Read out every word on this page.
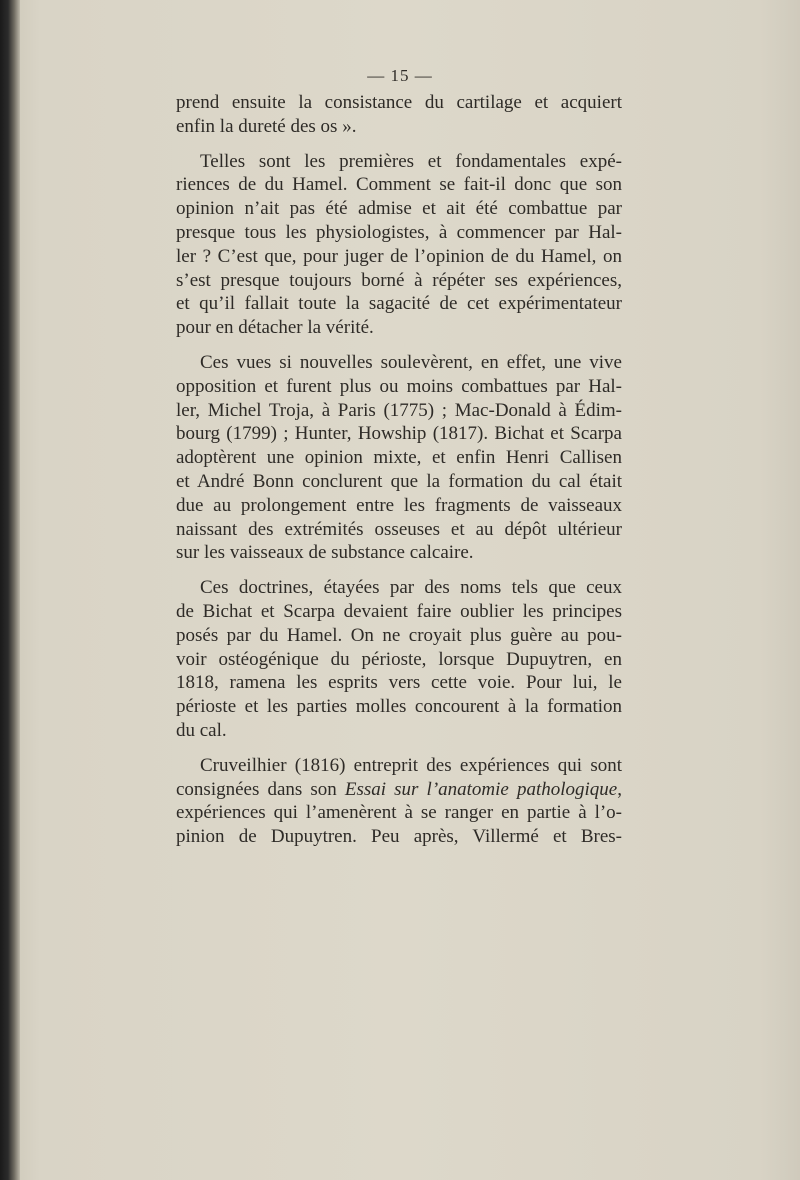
— 15 —
prend ensuite la consistance du cartilage et acquiert
enfin la dureté des os ».
Telles sont les premières et fondamentales expé-
riences de du Hamel. Comment se fait-il donc que son
opinion n’ait pas été admise et ait été combattue par
presque tous les physiologistes, à commencer par Hal-
ler ? C’est que, pour juger de l’opinion de du Hamel, on
s’est presque toujours borné à répéter ses expériences,
et qu’il fallait toute la sagacité de cet expérimentateur
pour en détacher la vérité.
Ces vues si nouvelles soulevèrent, en effet, une vive
opposition et furent plus ou moins combattues par Hal-
ler, Michel Troja, à Paris (1775) ; Mac-Donald à Édim-
bourg (1799) ; Hunter, Howship (1817). Bichat et Scarpa
adoptèrent une opinion mixte, et enfin Henri Callisen
et André Bonn conclurent que la formation du cal était
due au prolongement entre les fragments de vaisseaux
naissant des extrémités osseuses et au dépôt ultérieur
sur les vaisseaux de substance calcaire.
Ces doctrines, étayées par des noms tels que ceux
de Bichat et Scarpa devaient faire oublier les principes
posés par du Hamel. On ne croyait plus guère au pou-
voir ostéogénique du périoste, lorsque Dupuytren, en
1818, ramena les esprits vers cette voie. Pour lui, le
périoste et les parties molles concourent à la formation
du cal.
Cruveilhier (1816) entreprit des expériences qui sont
consignées dans son Essai sur l’anatomie pathologique,
expériences qui l’amenèrent à se ranger en partie à l’o-
pinion de Dupuytren. Peu après, Villermé et Bres-
